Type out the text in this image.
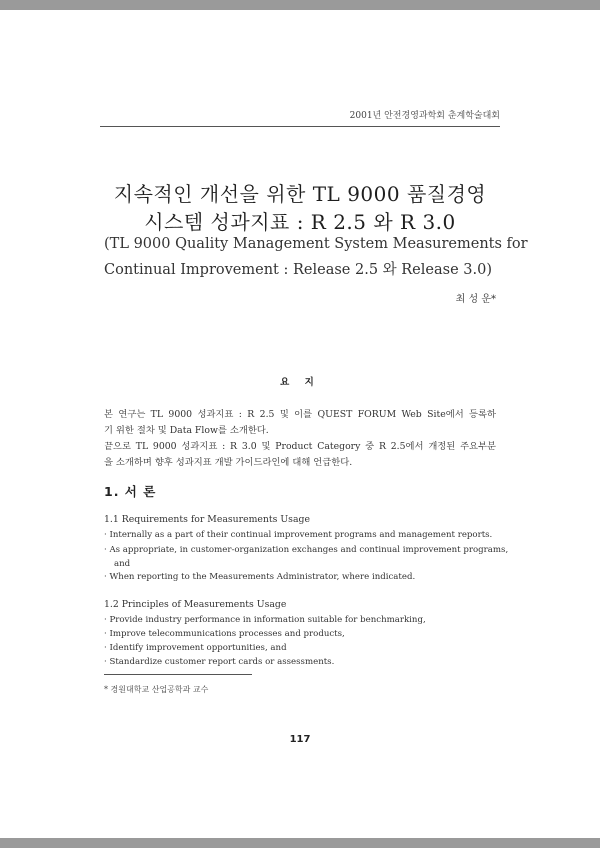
2001년 안전경영과학회 춘계학술대회
지속적인 개선을 위한 TL 9000 품질경영
시스템 성과지표 : R 2.5 와 R 3.0
(TL 9000 Quality Management System Measurements for
Continual Improvement : Release 2.5 와 Release 3.0)
최 성 운*
요 지
본 연구는 TL 9000 성과지표 : R 2.5 및 이를 QUEST FORUM Web Site에서 등록하
기 위한 절차 및 Data Flow를 소개한다.
끝으로 TL 9000 성과지표 : R 3.0 및 Product Category 중 R 2.5에서 개정된 주요부분
을 소개하며 향후 성과지표 개발 가이드라인에 대해 언급한다.
1. 서 론
1.1 Requirements for Measurements Usage
· Internally as a part of their continual improvement programs and management reports.
· As appropriate, in customer-organization exchanges and continual improvement programs,
and
· When reporting to the Measurements Administrator, where indicated.
1.2 Principles of Measurements Usage
· Provide industry performance in information suitable for benchmarking,
· Improve telecommunications processes and products,
· Identify improvement opportunities, and
· Standardize customer report cards or assessments.
* 경원대학교 산업공학과 교수
117
